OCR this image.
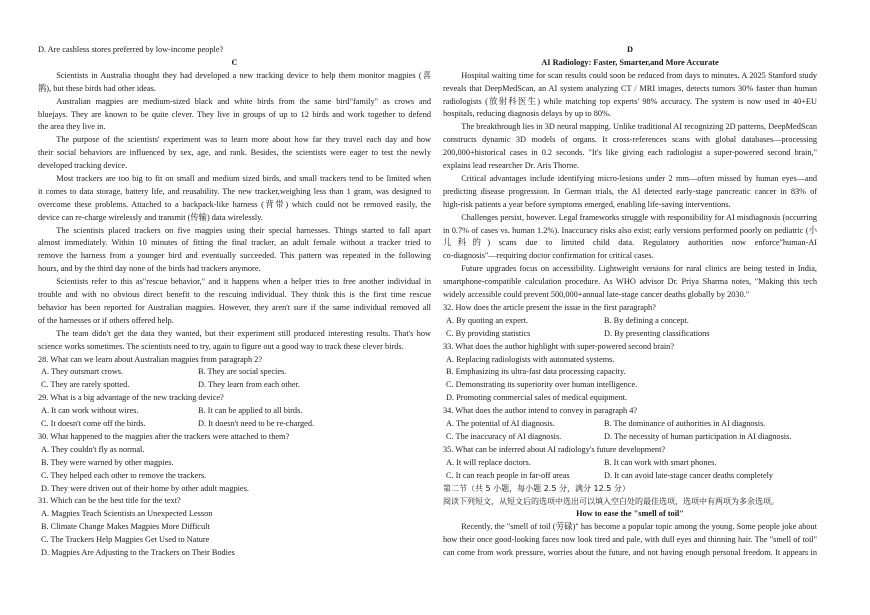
D. Are cashless stores preferred by low-income people?
C
Scientists in Australia thought they had developed a new tracking device to help them monitor magpies (喜
鹊), but these birds had other ideas.
Australian magpies are medium-sized black and white birds from the same bird"family" as crows and
bluejays. They are known to be quite clever. They live in groups of up to 12 birds and work together to defend
the area they live in.
The purpose of the scientists' experiment was to learn more about how far they travel each day and how
their social behaviors are influenced by sex, age, and rank. Besides, the scientists were eager to test the newly
developed tracking device.
Most trackers are too big to fit on small and medium sized birds, and small trackers tend to be limited when
it comes to data storage, battery life, and reusability. The new tracker,weighing less than 1 gram, was designed to
overcome these problems. Attached to a backpack-like harness (背带) which could not be removed easily, the
device can re-charge wirelessly and transmit (传输) data wirelessly.
The scientists placed trackers on five magpies using their special harnesses. Things started to fall apart
almost immediately. Within 10 minutes of fitting the final tracker, an adult female without a tracker tried to
remove the harness from a younger bird and eventually succeeded. This pattern was repeated in the following
hours, and by the third day none of the birds had trackers anymore.
Scientists refer to this as"rescue behavior," and it happens when a helper tries to free another individual in
trouble and with no obvious direct benefit to the rescuing individual. They think this is the first time rescue
behavior has been reported for Australian magpies. However, they aren't sure if the same individual removed all
of the harnesses or if others offered help.
The team didn't get the data they wanted, but their experiment still produced interesting results. That's how
science works sometimes. The scientists need to try, again to figure out a good way to track these clever birds.
28. What can we learn about Australian magpies from paragraph 2?
A. They outsmart crows.	B. They are social species.
C. They are rarely spotted.	D. They learn from each other.
29. What is a big advantage of the new tracking device?
A. It can work without wires.	B. It can be applied to all birds.
C. It doesn't come off the birds.	D. It doesn't need to be re-charged.
30. What happened to the magpies after the trackers were attached to them?
A. They couldn't fly as normal.
B. They were warned by other magpies.
C. They helped each other to remove the trackers.
D. They were driven out of their home by other adult magpies.
31. Which can be the best title for the text?
A. Magpies Teach Scientists an Unexpected Lesson
B. Climate Change Makes Magpies More Difficult
C. The Trackers Help Magpies Get Used to Nature
D. Magpies Are Adjusting to the Trackers on Their Bodies
D
AI Radiology: Faster, Smarter,and More Accurate
Hospital waiting time for scan results could soon be reduced from days to minutes. A 2025 Stanford study
reveals that DeepMedScan, an AI system analyzing CT / MRI images, detects tumors 30% faster than human
radiologists (放射科医生) while matching top experts' 98% accuracy. The system is now used in 40+EU
hospitals, reducing diagnosis delays by up to 80%.
The breakthrough lies in 3D neural mapping. Unlike traditional AI recognizing 2D patterns, DeepMedScan
constructs dynamic 3D models of organs. It cross-references scans with global databases—processing
200,000+historical cases in 0.2 seconds. "It's like giving each radiologist a super-powered second brain,"
explains lead researcher Dr. Aris Thorne.
Critical advantages include identifying micro-lesions under 2 mm—often missed by human eyes—and
predicting disease progression. In German trials, the AI detected early-stage pancreatic cancer in 83% of
high-risk patients a year before symptoms emerged, enabling life-saving interventions.
Challenges persist, however. Legal frameworks struggle with responsibility for AI misdiagnosis (occurring
in 0.7% of cases vs. human 1.2%). Inaccuracy risks also exist; early versions performed poorly on pediatric (小
儿科的) scans due to limited child data. Regulatory authorities now enforce"human-AI
co-diagnosis"—requiring doctor confirmation for critical cases.
Future upgrades focus on accessibility. Lightweight versions for rural clinics are being tested in India,
smartphone-compatible calculation procedure. As WHO advisor Dr. Priya Sharma notes, "Making this tech
widely accessible could prevent 500,000+annual late-stage cancer deaths globally by 2030."
32. How does the article present the issue in the first paragraph?
A. By quoting an expert.	B. By defining a concept.
C. By providing statistics	D. By presenting classifications
33. What does the author highlight with super-powered second brain?
A. Replacing radiologists with automated systems.
B. Emphasizing its ultra-fast data processing capacity.
C. Demonstrating its superiority over human intelligence.
D. Promoting commercial sales of medical equipment.
34. What does the author intend to convey in paragraph 4?
A. The potential of AI diagnosis.	B. The dominance of authorities in AI diagnosis.
C. The inaccuracy of AI diagnosis.	D. The necessity of human participation in AI diagnosis.
35. What can be inferred about AI radiology's future development?
A. It will replace doctors.	B. It can work with smart phones.
C. It can reach people in far-off areas	D. It can avoid late-stage cancer deaths completely
第二节（共 5 小题，每小题 2.5 分，满分 12.5 分）
阅读下列短文，从短文后的选项中选出可以填入空白处的最佳选项，选项中有两项为多余选项。
How to ease the "smell of toil"
Recently, the "smell of toil (劳碌)" has become a popular topic among the young. Some people joke about
how their once good-looking faces now look tired and pale, with dull eyes and thinning hair. The "smell of toil"
can come from work pressure, worries about the future, and not having enough personal freedom. It appears in
